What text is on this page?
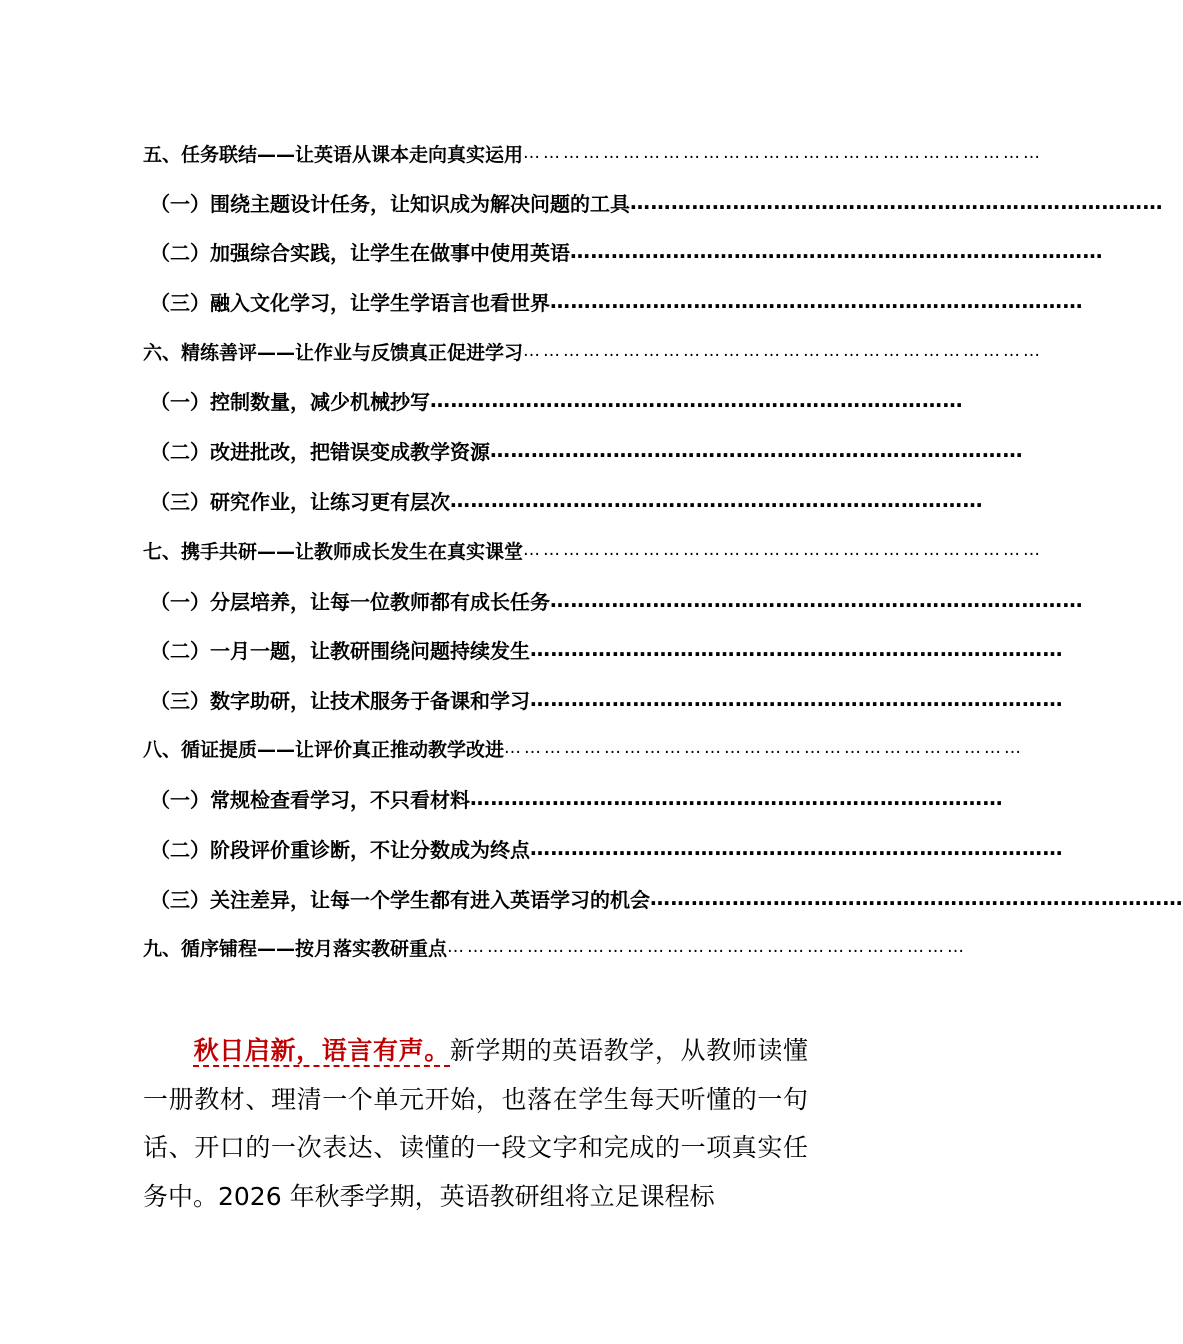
五、任务联结——让英语从课本走向真实运用 ……………………………………………………………………
（一）围绕主题设计任务，让知识成为解决问题的工具 ……………………………………………………………………
（二）加强综合实践，让学生在做事中使用英语 ……………………………………………………………………
（三）融入文化学习，让学生学语言也看世界 ……………………………………………………………………
六、精练善评——让作业与反馈真正促进学习 ……………………………………………………………………
（一）控制数量，减少机械抄写 ……………………………………………………………………
（二）改进批改，把错误变成教学资源 ……………………………………………………………………
（三）研究作业，让练习更有层次 ……………………………………………………………………
七、携手共研——让教师成长发生在真实课堂 ……………………………………………………………………
（一）分层培养，让每一位教师都有成长任务 ……………………………………………………………………
（二）一月一题，让教研围绕问题持续发生 ……………………………………………………………………
（三）数字助研，让技术服务于备课和学习 ……………………………………………………………………
八、循证提质——让评价真正推动教学改进 ……………………………………………………………………
（一）常规检查看学习，不只看材料 ……………………………………………………………………
（二）阶段评价重诊断，不让分数成为终点 ……………………………………………………………………
（三）关注差异，让每一个学生都有进入英语学习的机会 ……………………………………………………………………
九、循序铺程——按月落实教研重点 ……………………………………………………………………

秋日启新，语言有声。新学期的英语教学，从教师读懂一册教材、理清一个单元开始，也落在学生每天听懂的一句话、开口的一次表达、读懂的一段文字和完成的一项真实任务中。2026 年秋季学期，英语教研组将立足课程标
